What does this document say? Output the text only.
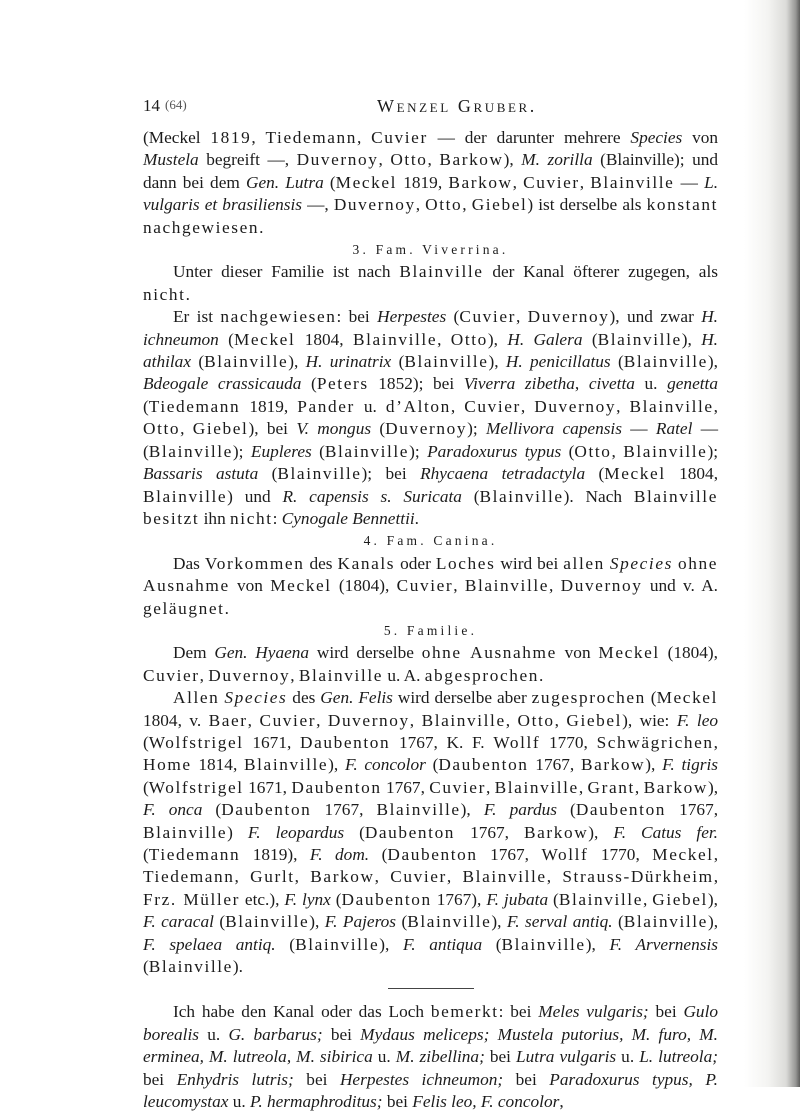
14 (64)	Wenzel Gruber.

(Meckel 1819, Tiedemann, Cuvier — der darunter mehrere Species von Mustela begreift —, Duvernoy, Otto, Barkow), M. zorilla (Blainville); und dann bei dem Gen. Lutra (Meckel 1819, Barkow, Cuvier, Blainville — L. vulgaris et brasiliensis —, Duvernoy, Otto, Giebel) ist derselbe als konstant nachgewiesen.

3. Fam. Viverrina.

Unter dieser Familie ist nach Blainville der Kanal öfterer zugegen, als nicht.

Er ist nachgewiesen: bei Herpestes (Cuvier, Duvernoy), und zwar H. ichneumon (Meckel 1804, Blainville, Otto), H. Galera (Blainville), H. athilax (Blainville), H. urinatrix (Blainville), H. penicillatus (Blainville), Bdeogale crassicauda (Peters 1852); bei Viverra zibetha, civetta u. genetta (Tiedemann 1819, Pander u. d’Alton, Cuvier, Duvernoy, Blainville, Otto, Giebel), bei V. mongus (Duvernoy); Mellivora capensis — Ratel — (Blainville); Eupleres (Blainville); Paradoxurus typus (Otto, Blainville); Bassaris astuta (Blainville); bei Rhycaena tetradactyla (Meckel 1804, Blainville) und R. capensis s. Suricata (Blainville). Nach Blainville besitzt ihn nicht: Cynogale Bennettii.

4. Fam. Canina.

Das Vorkommen des Kanals oder Loches wird bei allen Species ohne Ausnahme von Meckel (1804), Cuvier, Blainville, Duvernoy und v. A. geläugnet.

5. Familie.

Dem Gen. Hyaena wird derselbe ohne Ausnahme von Meckel (1804), Cuvier, Duvernoy, Blainville u. A. abgesprochen.

Allen Species des Gen. Felis wird derselbe aber zugesprochen (Meckel 1804, v. Baer, Cuvier, Duvernoy, Blainville, Otto, Giebel), wie: F. leo (Wolfstrigel 1671, Daubenton 1767, K. F. Wollf 1770, Schwägrichen, Home 1814, Blainville), F. concolor (Daubenton 1767, Barkow), F. tigris (Wolfstrigel 1671, Daubenton 1767, Cuvier, Blainville, Grant, Barkow), F. onca (Daubenton 1767, Blainville), F. pardus (Daubenton 1767, Blainville) F. leopardus (Daubenton 1767, Barkow), F. Catus fer. (Tiedemann 1819), F. dom. (Daubenton 1767, Wollf 1770, Meckel, Tiedemann, Gurlt, Barkow, Cuvier, Blainville, Strauss-Dürkheim, Frz. Müller etc.), F. lynx (Daubenton 1767), F. jubata (Blainville, Giebel), F. caracal (Blainville), F. Pajeros (Blainville), F. serval antiq. (Blainville), F. spelaea antiq. (Blainville), F. antiqua (Blainville), F. Arvernensis (Blainville).

Ich habe den Kanal oder das Loch bemerkt: bei Meles vulgaris; bei Gulo borealis u. G. barbarus; bei Mydaus meliceps; Mustela putorius, M. furo, M. erminea, M. lutreola, M. sibirica u. M. zibellina; bei Lutra vulgaris u. L. lutreola; bei Enhydris lutris; bei Herpestes ichneumon; bei Paradoxurus typus, P. leucomystax u. P. hermaphroditus; bei Felis leo, F. concolor,
